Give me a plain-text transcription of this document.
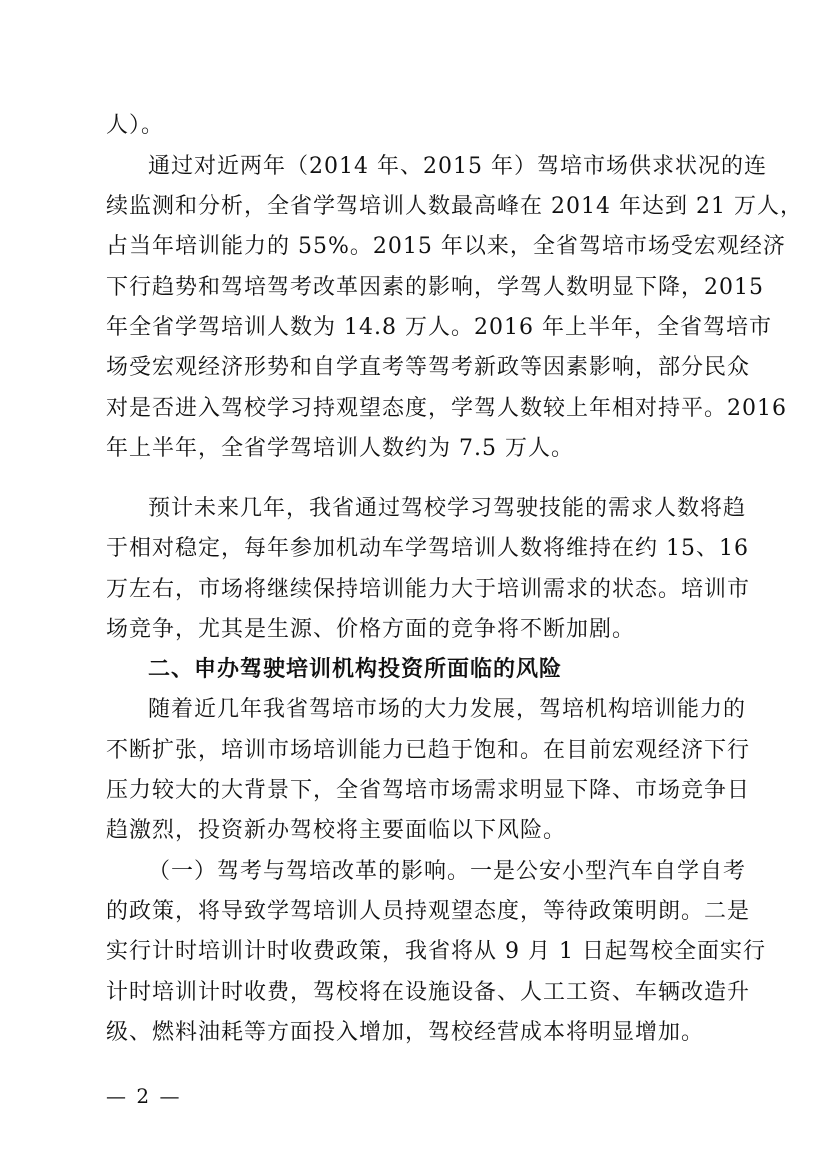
人）。
通过对近两年（2014 年、2015 年）驾培市场供求状况的连
续监测和分析，全省学驾培训人数最高峰在 2014 年达到 21 万人，
占当年培训能力的 55%。2015 年以来，全省驾培市场受宏观经济
下行趋势和驾培驾考改革因素的影响，学驾人数明显下降，2015
年全省学驾培训人数为 14.8 万人。2016 年上半年，全省驾培市
场受宏观经济形势和自学直考等驾考新政等因素影响，部分民众
对是否进入驾校学习持观望态度，学驾人数较上年相对持平。2016
年上半年，全省学驾培训人数约为 7.5 万人。
预计未来几年，我省通过驾校学习驾驶技能的需求人数将趋
于相对稳定，每年参加机动车学驾培训人数将维持在约 15、16
万左右，市场将继续保持培训能力大于培训需求的状态。培训市
场竞争，尤其是生源、价格方面的竞争将不断加剧。
二、申办驾驶培训机构投资所面临的风险
随着近几年我省驾培市场的大力发展，驾培机构培训能力的
不断扩张，培训市场培训能力已趋于饱和。在目前宏观经济下行
压力较大的大背景下，全省驾培市场需求明显下降、市场竞争日
趋激烈，投资新办驾校将主要面临以下风险。
（一）驾考与驾培改革的影响。一是公安小型汽车自学自考
的政策，将导致学驾培训人员持观望态度，等待政策明朗。二是
实行计时培训计时收费政策，我省将从 9 月 1 日起驾校全面实行
计时培训计时收费，驾校将在设施设备、人工工资、车辆改造升
级、燃料油耗等方面投入增加，驾校经营成本将明显增加。
— 2 —
